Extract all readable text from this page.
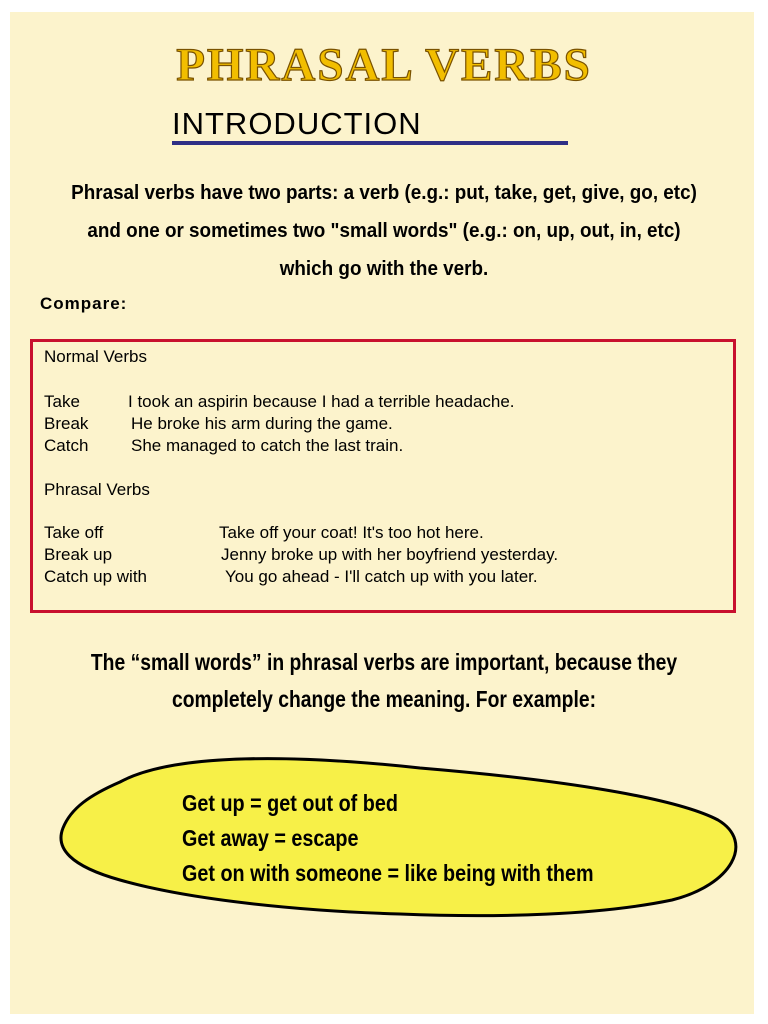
PHRASAL VERBS
INTRODUCTION
Phrasal verbs have two parts: a verb (e.g.: put, take, get, give, go, etc)
and one or sometimes two "small words" (e.g.: on, up, out, in, etc)
which go with the verb.
Compare:
Normal Verbs
Take	I took an aspirin because I had a terrible headache.
Break	He broke his arm during the game.
Catch	She managed to catch the last train.
Phrasal Verbs
Take off	Take off your coat! It's too hot here.
Break up	Jenny broke up with her boyfriend yesterday.
Catch up with	You go ahead - I'll catch up with you later.
The “small words” in phrasal verbs are important, because they
completely change the meaning. For example:
Get up = get out of bed
Get away = escape
Get on with someone = like being with them
